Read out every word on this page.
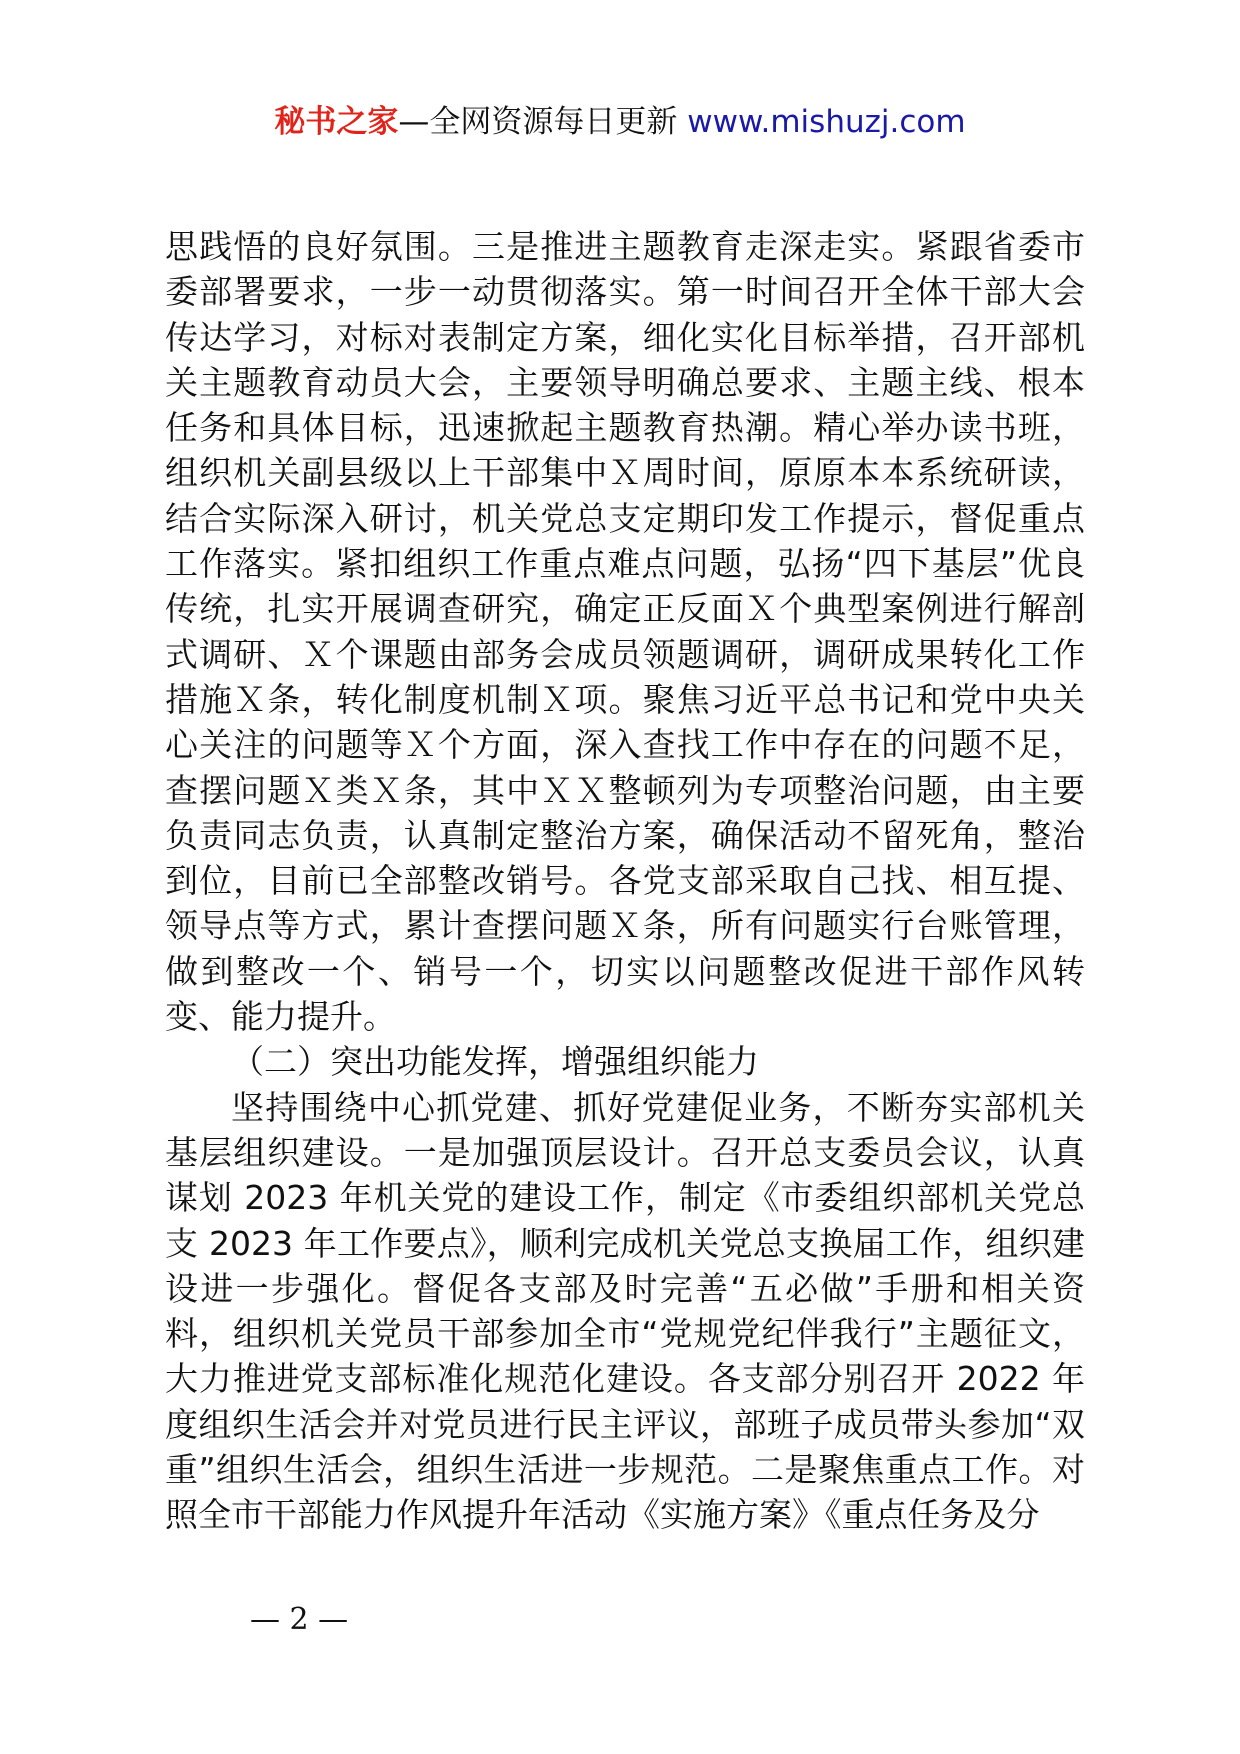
秘书之家—全网资源每日更新 www.mishuzj.com

思践悟的良好氛围。三是推进主题教育走深走实。紧跟省委市委部署要求，一步一动贯彻落实。第一时间召开全体干部大会传达学习，对标对表制定方案，细化实化目标举措，召开部机关主题教育动员大会，主要领导明确总要求、主题主线、根本任务和具体目标，迅速掀起主题教育热潮。精心举办读书班，组织机关副县级以上干部集中Ｘ周时间，原原本本系统研读，结合实际深入研讨，机关党总支定期印发工作提示，督促重点工作落实。紧扣组织工作重点难点问题，弘扬“四下基层”优良传统，扎实开展调查研究，确定正反面Ｘ个典型案例进行解剖式调研、Ｘ个课题由部务会成员领题调研，调研成果转化工作措施Ｘ条，转化制度机制Ｘ项。聚焦习近平总书记和党中央关心关注的问题等Ｘ个方面，深入查找工作中存在的问题不足，查摆问题Ｘ类Ｘ条，其中ＸＸ整顿列为专项整治问题，由主要负责同志负责，认真制定整治方案，确保活动不留死角，整治到位，目前已全部整改销号。各党支部采取自己找、相互提、领导点等方式，累计查摆问题Ｘ条，所有问题实行台账管理，做到整改一个、销号一个，切实以问题整改促进干部作风转变、能力提升。

（二）突出功能发挥，增强组织能力

坚持围绕中心抓党建、抓好党建促业务，不断夯实部机关基层组织建设。一是加强顶层设计。召开总支委员会议，认真谋划 2023 年机关党的建设工作，制定《市委组织部机关党总支 2023 年工作要点》，顺利完成机关党总支换届工作，组织建设进一步强化。督促各支部及时完善“五必做”手册和相关资料，组织机关党员干部参加全市“党规党纪伴我行”主题征文，大力推进党支部标准化规范化建设。各支部分别召开 2022 年度组织生活会并对党员进行民主评议，部班子成员带头参加“双重”组织生活会，组织生活进一步规范。二是聚焦重点工作。对照全市干部能力作风提升年活动《实施方案》《重点任务及分

— 2 —
